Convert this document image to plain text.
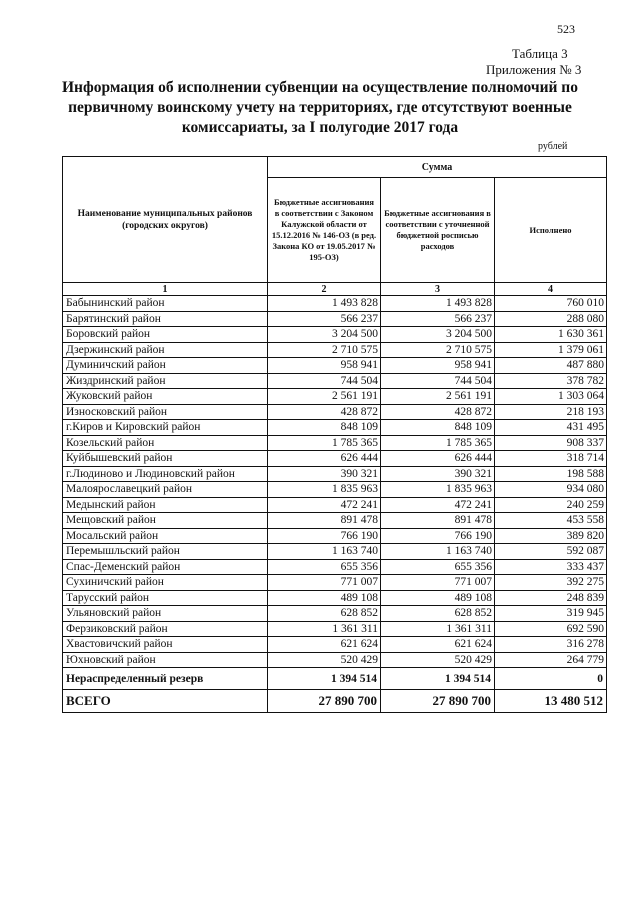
523
Таблица 3
Приложения № 3
Информация об исполнении субвенции на осуществление полномочий по первичному воинскому учету на территориях, где отсутствуют военные комиссариаты, за I полугодие 2017 года
рублей
Наименование муниципальных районов (городских округов)	Сумма		
	Бюджетные ассигнования в соответствии с Законом Калужской области от 15.12.2016 № 146-ОЗ (в ред. Закона КО от 19.05.2017 № 195-ОЗ)	Бюджетные ассигнования в соответствии с уточненной бюджетной росписью расходов	Исполнено
1	2	3	4
Бабынинский район	1 493 828	1 493 828	760 010
Барятинский район	566 237	566 237	288 080
Боровский район	3 204 500	3 204 500	1 630 361
Дзержинский район	2 710 575	2 710 575	1 379 061
Думиничский район	958 941	958 941	487 880
Жиздринский район	744 504	744 504	378 782
Жуковский район	2 561 191	2 561 191	1 303 064
Износковский район	428 872	428 872	218 193
г.Киров и Кировский район	848 109	848 109	431 495
Козельский район	1 785 365	1 785 365	908 337
Куйбышевский район	626 444	626 444	318 714
г.Людиново и Людиновский район	390 321	390 321	198 588
Малоярославецкий район	1 835 963	1 835 963	934 080
Медынский район	472 241	472 241	240 259
Мещовский район	891 478	891 478	453 558
Мосальский район	766 190	766 190	389 820
Перемышльский район	1 163 740	1 163 740	592 087
Спас-Деменский район	655 356	655 356	333 437
Сухиничский район	771 007	771 007	392 275
Тарусский район	489 108	489 108	248 839
Ульяновский район	628 852	628 852	319 945
Ферзиковский район	1 361 311	1 361 311	692 590
Хвастовичский район	621 624	621 624	316 278
Юхновский район	520 429	520 429	264 779
Нераспределенный резерв	1 394 514	1 394 514	0
ВСЕГО	27 890 700	27 890 700	13 480 512
